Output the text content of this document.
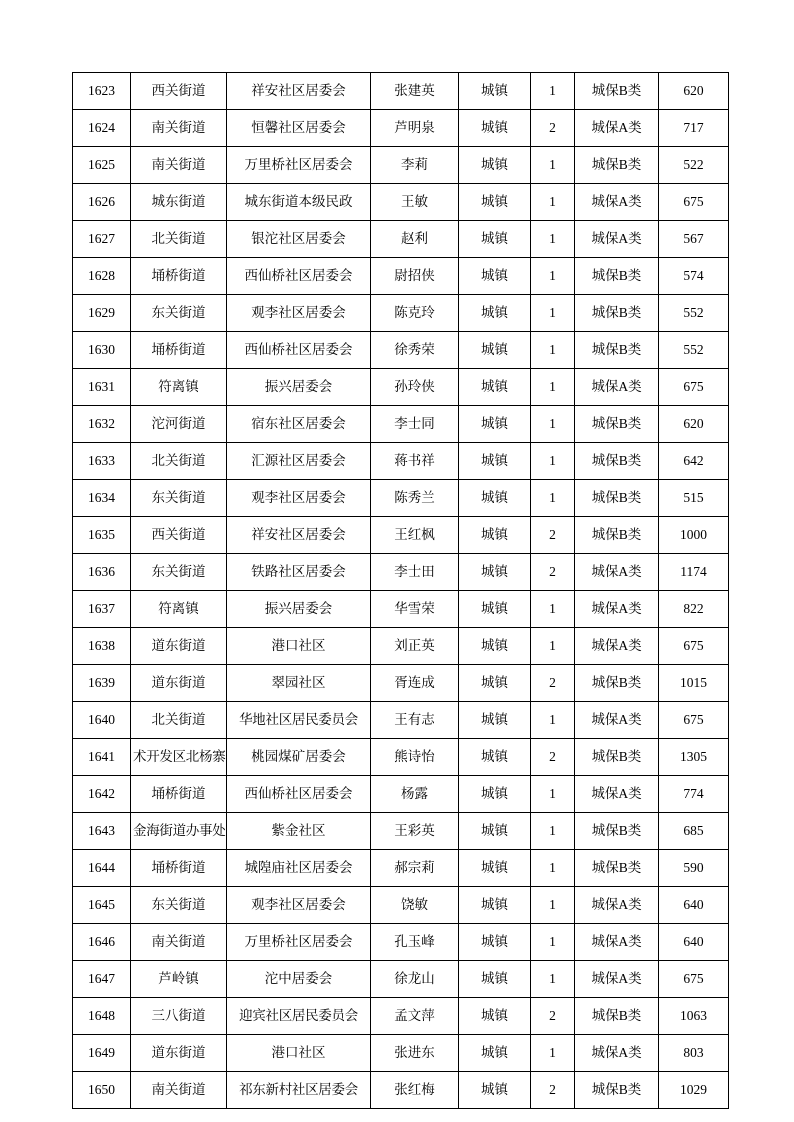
1623	西关街道	祥安社区居委会	张建英	城镇	1	城保B类	620
1624	南关街道	恒馨社区居委会	芦明泉	城镇	2	城保A类	717
1625	南关街道	万里桥社区居委会	李莉	城镇	1	城保B类	522
1626	城东街道	城东街道本级民政	王敏	城镇	1	城保A类	675
1627	北关街道	银沱社区居委会	赵利	城镇	1	城保A类	567
1628	埇桥街道	西仙桥社区居委会	尉招侠	城镇	1	城保B类	574
1629	东关街道	观李社区居委会	陈克玲	城镇	1	城保B类	552
1630	埇桥街道	西仙桥社区居委会	徐秀荣	城镇	1	城保B类	552
1631	符离镇	振兴居委会	孙玲侠	城镇	1	城保A类	675
1632	沱河街道	宿东社区居委会	李士同	城镇	1	城保B类	620
1633	北关街道	汇源社区居委会	蒋书祥	城镇	1	城保B类	642
1634	东关街道	观李社区居委会	陈秀兰	城镇	1	城保B类	515
1635	西关街道	祥安社区居委会	王红枫	城镇	2	城保B类	1000
1636	东关街道	铁路社区居委会	李士田	城镇	2	城保A类	1174
1637	符离镇	振兴居委会	华雪荣	城镇	1	城保A类	822
1638	道东街道	港口社区	刘正英	城镇	1	城保A类	675
1639	道东街道	翠园社区	胥连成	城镇	2	城保B类	1015
1640	北关街道	华地社区居民委员会	王有志	城镇	1	城保A类	675
1641	术开发区北杨寨	桃园煤矿居委会	熊诗怡	城镇	2	城保B类	1305
1642	埇桥街道	西仙桥社区居委会	杨露	城镇	1	城保A类	774
1643	金海街道办事处	紫金社区	王彩英	城镇	1	城保B类	685
1644	埇桥街道	城隍庙社区居委会	郝宗莉	城镇	1	城保B类	590
1645	东关街道	观李社区居委会	饶敏	城镇	1	城保A类	640
1646	南关街道	万里桥社区居委会	孔玉峰	城镇	1	城保A类	640
1647	芦岭镇	沱中居委会	徐龙山	城镇	1	城保A类	675
1648	三八街道	迎宾社区居民委员会	孟文萍	城镇	2	城保B类	1063
1649	道东街道	港口社区	张进东	城镇	1	城保A类	803
1650	南关街道	祁东新村社区居委会	张红梅	城镇	2	城保B类	1029
